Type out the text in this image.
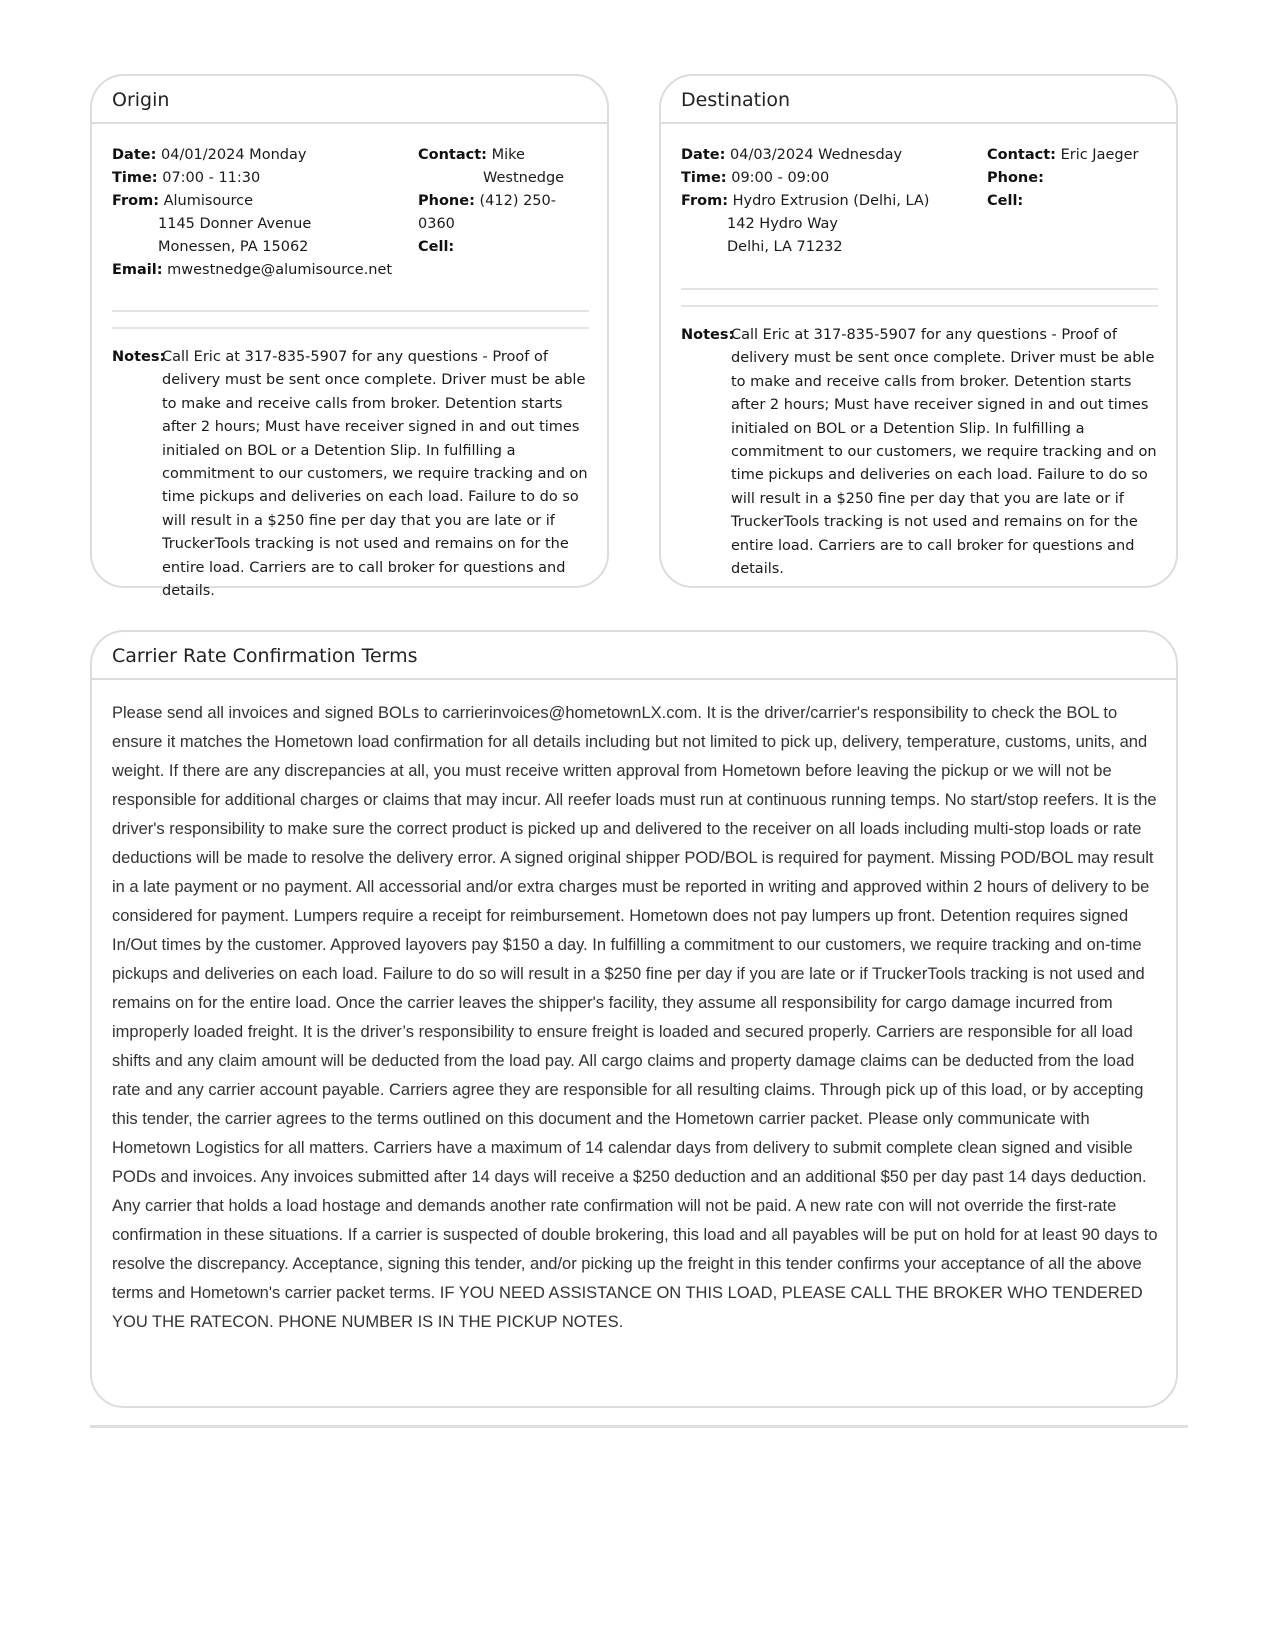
Origin
Date: 04/01/2024 Monday
Time: 07:00 - 11:30
From: Alumisource
1145 Donner Avenue
Monessen, PA 15062
Email: mwestnedge@alumisource.net
Contact: Mike
Westnedge
Phone: (412) 250-0360
Cell:
Notes:
Call Eric at 317-835-5907 for any questions - Proof of delivery must be sent once complete. Driver must be able to make and receive calls from broker. Detention starts after 2 hours; Must have receiver signed in and out times initialed on BOL or a Detention Slip. In fulfilling a commitment to our customers, we require tracking and on time pickups and deliveries on each load. Failure to do so will result in a $250 fine per day that you are late or if TruckerTools tracking is not used and remains on for the entire load. Carriers are to call broker for questions and details.
Destination
Date: 04/03/2024 Wednesday
Time: 09:00 - 09:00
From: Hydro Extrusion (Delhi, LA)
142 Hydro Way
Delhi, LA 71232
Contact: Eric Jaeger
Phone:
Cell:
Notes:
Call Eric at 317-835-5907 for any questions - Proof of delivery must be sent once complete. Driver must be able to make and receive calls from broker. Detention starts after 2 hours; Must have receiver signed in and out times initialed on BOL or a Detention Slip. In fulfilling a commitment to our customers, we require tracking and on time pickups and deliveries on each load. Failure to do so will result in a $250 fine per day that you are late or if TruckerTools tracking is not used and remains on for the entire load. Carriers are to call broker for questions and details.
Carrier Rate Confirmation Terms
Please send all invoices and signed BOLs to carrierinvoices@hometownLX.com. It is the driver/carrier's responsibility to check the BOL to ensure it matches the Hometown load confirmation for all details including but not limited to pick up, delivery, temperature, customs, units, and weight. If there are any discrepancies at all, you must receive written approval from Hometown before leaving the pickup or we will not be responsible for additional charges or claims that may incur. All reefer loads must run at continuous running temps. No start/stop reefers. It is the driver's responsibility to make sure the correct product is picked up and delivered to the receiver on all loads including multi-stop loads or rate deductions will be made to resolve the delivery error. A signed original shipper POD/BOL is required for payment. Missing POD/BOL may result in a late payment or no payment. All accessorial and/or extra charges must be reported in writing and approved within 2 hours of delivery to be considered for payment. Lumpers require a receipt for reimbursement. Hometown does not pay lumpers up front. Detention requires signed In/Out times by the customer. Approved layovers pay $150 a day. In fulfilling a commitment to our customers, we require tracking and on-time pickups and deliveries on each load. Failure to do so will result in a $250 fine per day if you are late or if TruckerTools tracking is not used and remains on for the entire load. Once the carrier leaves the shipper's facility, they assume all responsibility for cargo damage incurred from improperly loaded freight. It is the driver’s responsibility to ensure freight is loaded and secured properly. Carriers are responsible for all load shifts and any claim amount will be deducted from the load pay. All cargo claims and property damage claims can be deducted from the load rate and any carrier account payable. Carriers agree they are responsible for all resulting claims. Through pick up of this load, or by accepting this tender, the carrier agrees to the terms outlined on this document and the Hometown carrier packet. Please only communicate with Hometown Logistics for all matters. Carriers have a maximum of 14 calendar days from delivery to submit complete clean signed and visible PODs and invoices. Any invoices submitted after 14 days will receive a $250 deduction and an additional $50 per day past 14 days deduction. Any carrier that holds a load hostage and demands another rate confirmation will not be paid. A new rate con will not override the first-rate confirmation in these situations. If a carrier is suspected of double brokering, this load and all payables will be put on hold for at least 90 days to resolve the discrepancy. Acceptance, signing this tender, and/or picking up the freight in this tender confirms your acceptance of all the above terms and Hometown's carrier packet terms. IF YOU NEED ASSISTANCE ON THIS LOAD, PLEASE CALL THE BROKER WHO TENDERED YOU THE RATECON. PHONE NUMBER IS IN THE PICKUP NOTES.
